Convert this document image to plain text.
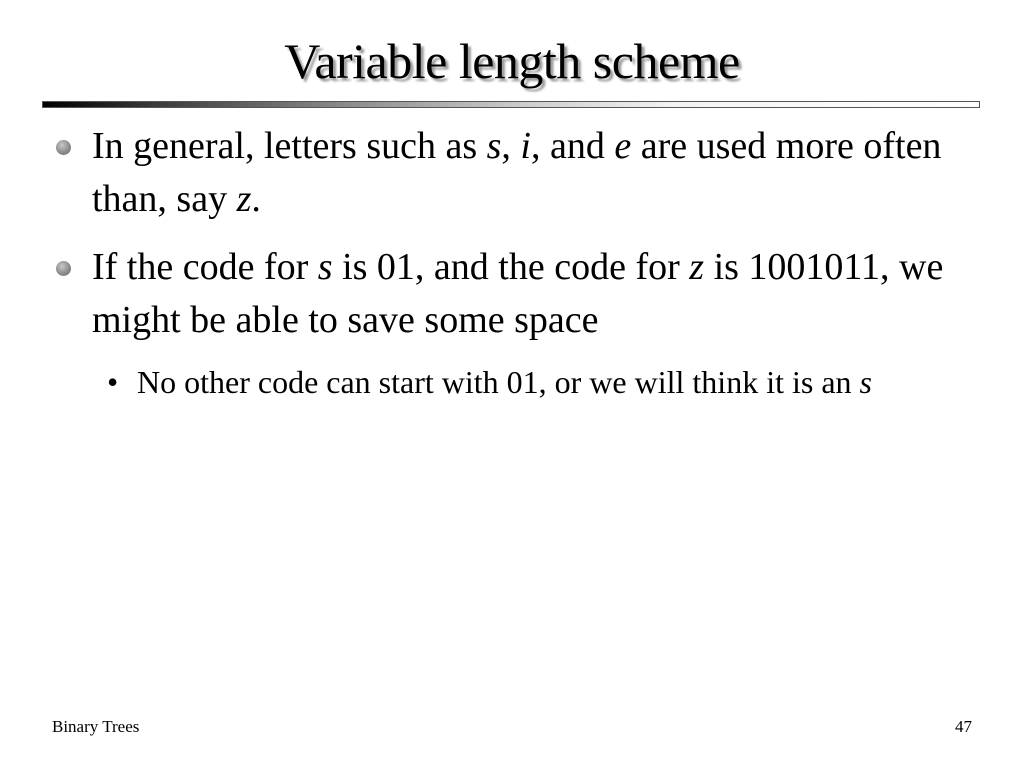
Variable length scheme
In general, letters such as s, i, and e are used more often than, say z.
If the code for s is 01, and the code for z is 1001011, we might be able to save some space
• No other code can start with 01, or we will think it is an s
Binary Trees	47
